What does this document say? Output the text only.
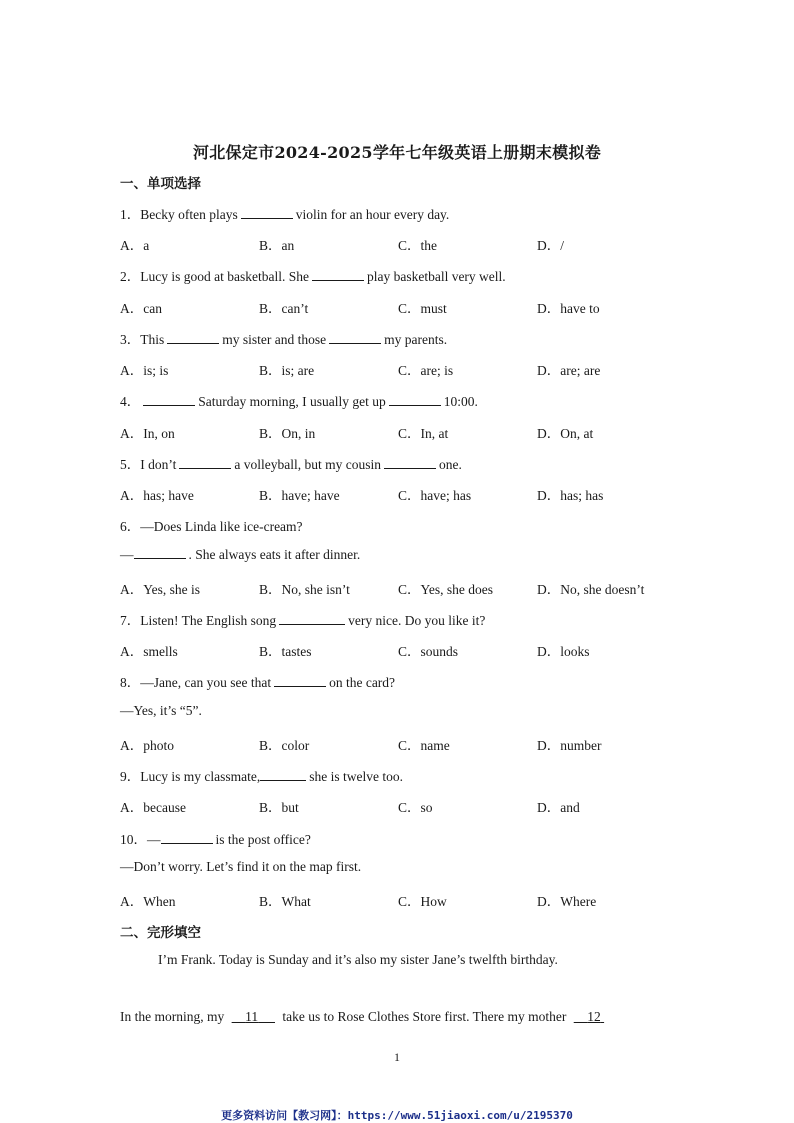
河北保定市2024-2025学年七年级英语上册期末模拟卷
一、单项选择
1．Becky often plays	violin for an hour every day.
A．a	B．an	C．the	D．/
2．Lucy is good at basketball. She	play basketball very well.
A．can	B．can’t	C．must	D．have to
3．This	my sister and those	my parents.
A．is; is	B．is; are	C．are; is	D．are; are
4．	Saturday morning, I usually get up	10:00.
A．In, on	B．On, in	C．In, at	D．On, at
5．I don’t	a volleyball, but my cousin	one.
A．has; have	B．have; have	C．have; has	D．has; has
6．—Does Linda like ice-cream?
—	. She always eats it after dinner.
A．Yes, she is	B．No, she isn’t	C．Yes, she does	D．No, she doesn’t
7．Listen! The English song	very nice. Do you like it?
A．smells	B．tastes	C．sounds	D．looks
8．—Jane, can you see that	on the card?
—Yes, it’s “5”.
A．photo	B．color	C．name	D．number
9．Lucy is my classmate,	she is twelve too.
A．because	B．but	C．so	D．and
10．—	is the post office?
—Don’t worry. Let’s find it on the map first.
A．When	B．What	C．How	D．Where
二、完形填空
I’m Frank. Today is Sunday and it’s also my sister Jane’s twelfth birthday.
In the morning, my 11 take us to Rose Clothes Store first. There my mother 12
1
更多资料访问【教习网】：https://www.51jiaoxi.com/u/2195370
